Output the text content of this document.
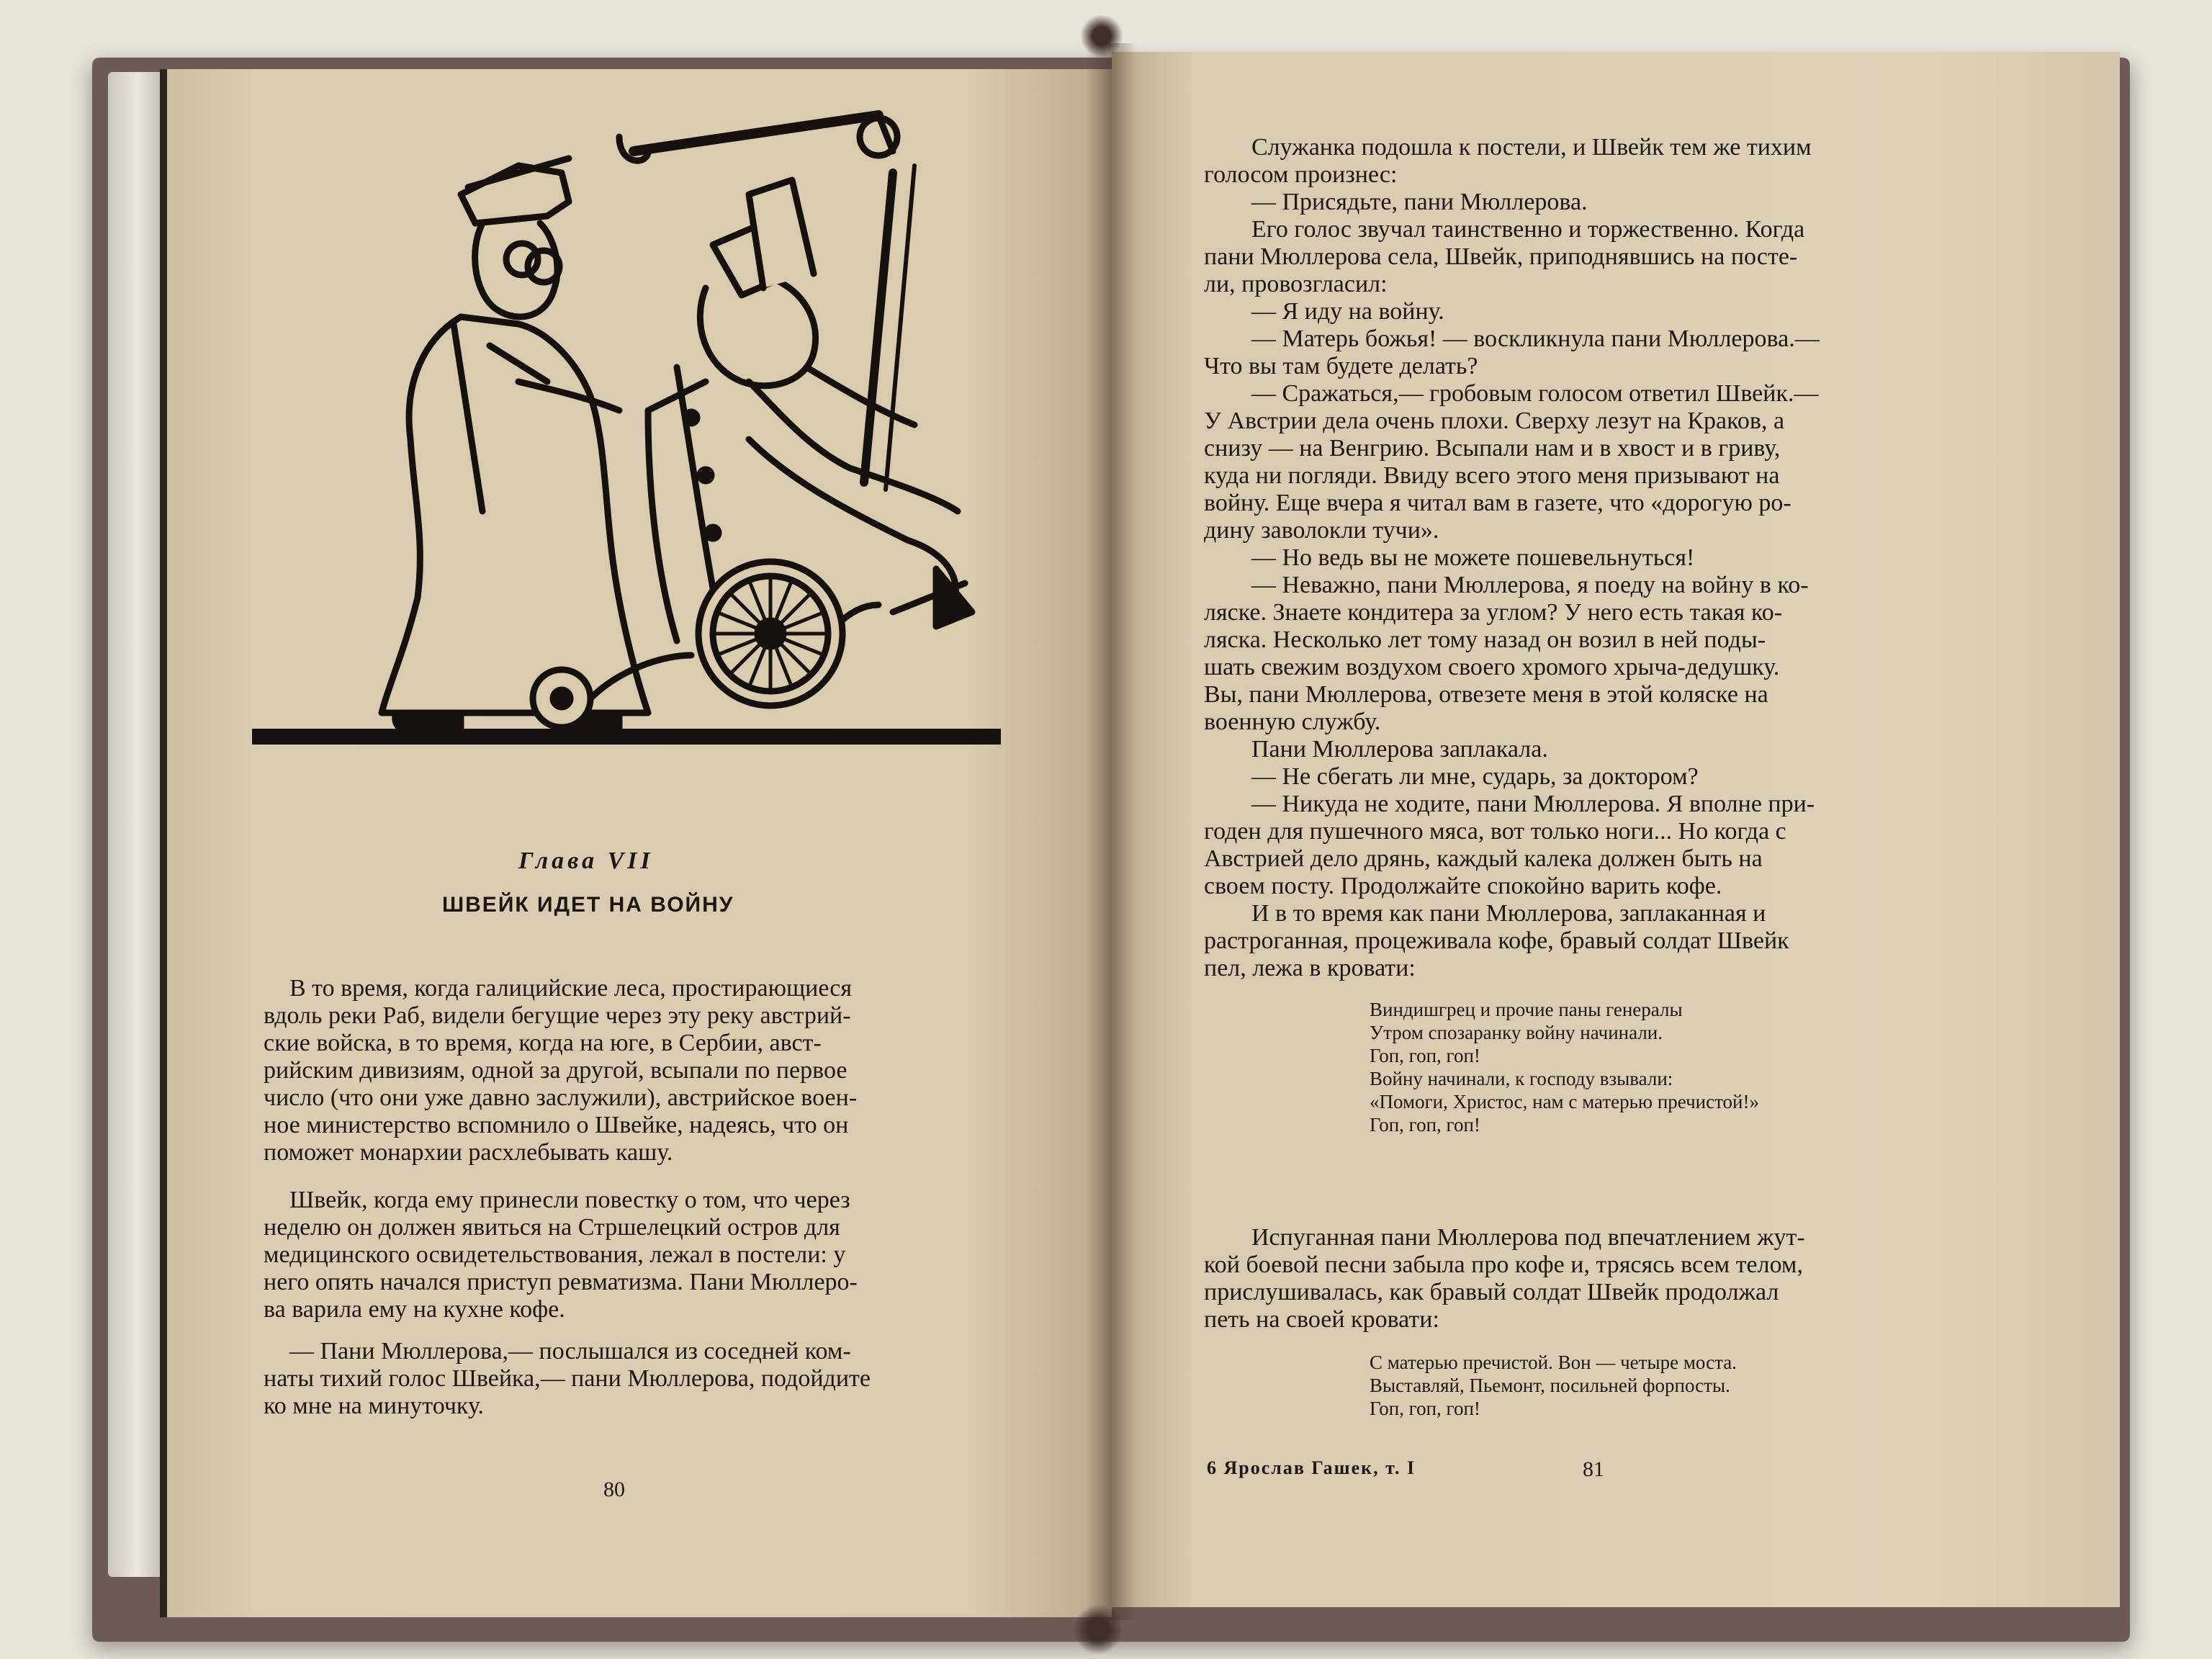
Глава VII
ШВЕЙК ИДЕТ НА ВОЙНУ
В то время, когда галицийские леса, простирающиеся
вдоль реки Раб, видели бегущие через эту реку австрий-
ские войска, в то время, когда на юге, в Сербии, авст-
рийским дивизиям, одной за другой, всыпали по первое
число (что они уже давно заслужили), австрийское воен-
ное министерство вспомнило о Швейке, надеясь, что он
поможет монархии расхлебывать кашу.
Швейк, когда ему принесли повестку о том, что через
неделю он должен явиться на Стршелецкий остров для
медицинского освидетельствования, лежал в постели: у
него опять начался приступ ревматизма. Пани Мюллеро-
ва варила ему на кухне кофе.
— Пани Мюллерова,— послышался из соседней ком-
наты тихий голос Швейка,— пани Мюллерова, подойдите
ко мне на минуточку.
80
Служанка подошла к постели, и Швейк тем же тихим
голосом произнес:
— Присядьте, пани Мюллерова.
Его голос звучал таинственно и торжественно. Когда
пани Мюллерова села, Швейк, приподнявшись на посте-
ли, провозгласил:
— Я иду на войну.
— Матерь божья! — воскликнула пани Мюллерова.—
Что вы там будете делать?
— Сражаться,— гробовым голосом ответил Швейк.—
У Австрии дела очень плохи. Сверху лезут на Краков, а
снизу — на Венгрию. Всыпали нам и в хвост и в гриву,
куда ни погляди. Ввиду всего этого меня призывают на
войну. Еще вчера я читал вам в газете, что «дорогую ро-
дину заволокли тучи».
— Но ведь вы не можете пошевельнуться!
— Неважно, пани Мюллерова, я поеду на войну в ко-
ляске. Знаете кондитера за углом? У него есть такая ко-
ляска. Несколько лет тому назад он возил в ней поды-
шать свежим воздухом своего хромого хрыча-дедушку.
Вы, пани Мюллерова, отвезете меня в этой коляске на
военную службу.
Пани Мюллерова заплакала.
— Не сбегать ли мне, сударь, за доктором?
— Никуда не ходите, пани Мюллерова. Я вполне при-
годен для пушечного мяса, вот только ноги... Но когда с
Австрией дело дрянь, каждый калека должен быть на
своем посту. Продолжайте спокойно варить кофе.
И в то время как пани Мюллерова, заплаканная и
растроганная, процеживала кофе, бравый солдат Швейк
пел, лежа в кровати:
Виндишгрец и прочие паны генералы
Утром спозаранку войну начинали.
Гоп, гоп, гоп!
Войну начинали, к господу взывали:
«Помоги, Христос, нам с матерью пречистой!»
Гоп, гоп, гоп!
Испуганная пани Мюллерова под впечатлением жут-
кой боевой песни забыла про кофе и, трясясь всем телом,
прислушивалась, как бравый солдат Швейк продолжал
петь на своей кровати:
С матерью пречистой. Вон — четыре моста.
Выставляй, Пьемонт, посильней форпосты.
Гоп, гоп, гоп!
6 Ярослав Гашек, т. I	81
